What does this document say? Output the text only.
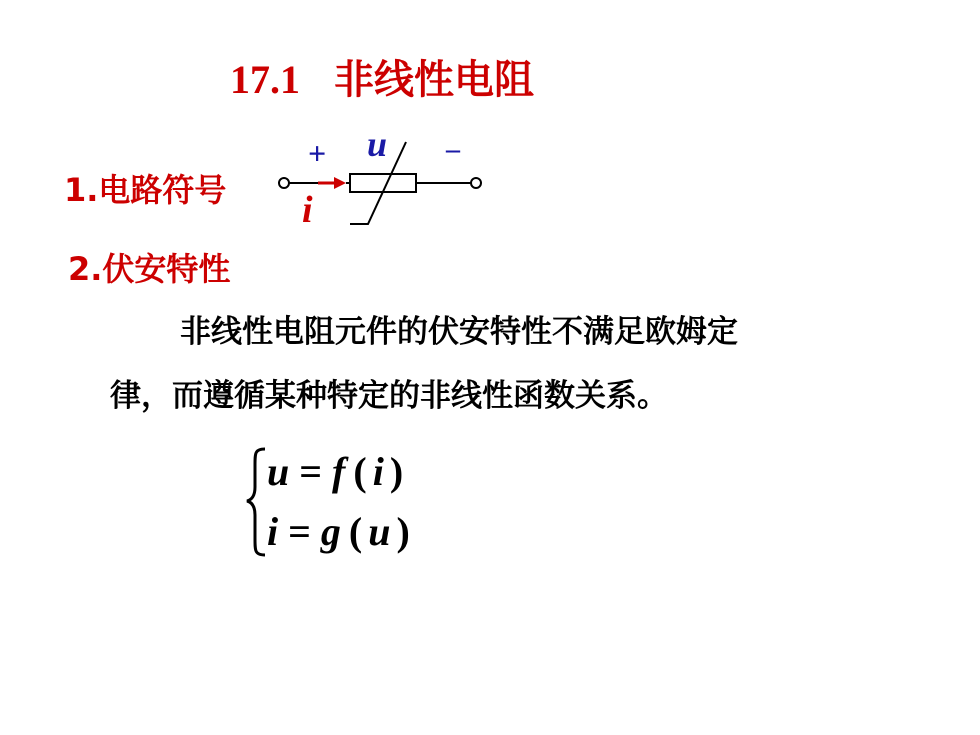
17.1 非线性电阻
1.电路符号
+ u –
i
2.伏安特性
非线性电阻元件的伏安特性不满足欧姆定
律，而遵循某种特定的非线性函数关系。
u = f ( i )
i = g ( u )
